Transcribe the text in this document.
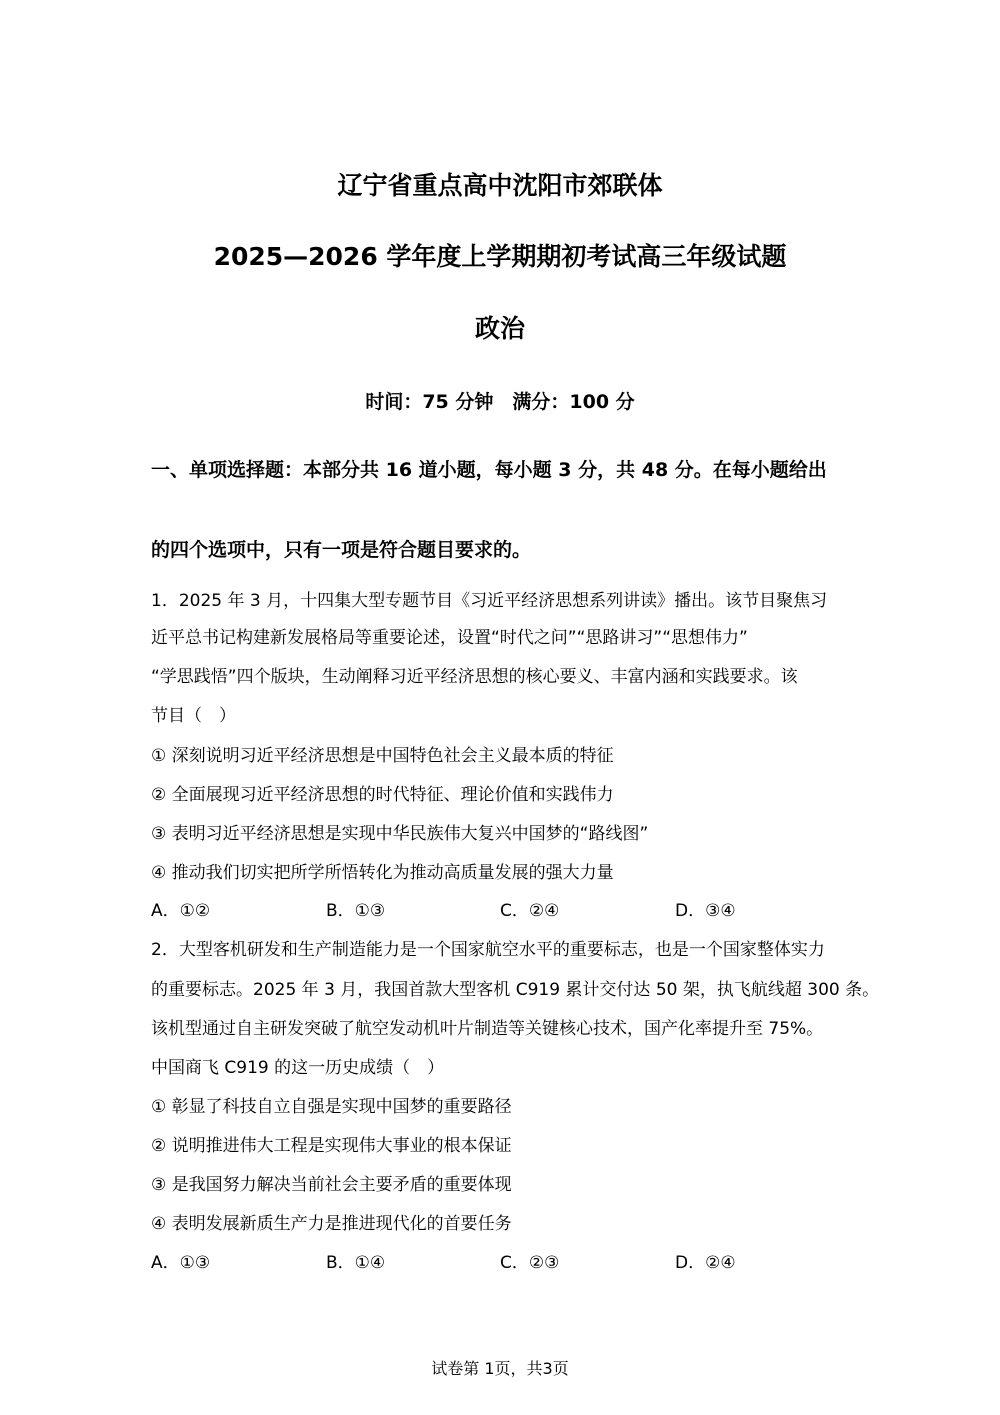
辽宁省重点高中沈阳市郊联体
2025—2026 学年度上学期期初考试高三年级试题
政治
时间：75 分钟　满分：100 分
一、单项选择题：本部分共 16 道小题，每小题 3 分，共 48 分。在每小题给出
的四个选项中，只有一项是符合题目要求的。
1．2025 年 3 月，十四集大型专题节目《习近平经济思想系列讲读》播出。该节目聚焦习
近平总书记构建新发展格局等重要论述，设置“时代之问”“思路讲习”“思想伟力”
“学思践悟”四个版块，生动阐释习近平经济思想的核心要义、丰富内涵和实践要求。该
节目（　）
① 深刻说明习近平经济思想是中国特色社会主义最本质的特征
② 全面展现习近平经济思想的时代特征、理论价值和实践伟力
③ 表明习近平经济思想是实现中华民族伟大复兴中国梦的“路线图”
④ 推动我们切实把所学所悟转化为推动高质量发展的强大力量
A．①②	B．①③	C．②④	D．③④
2．大型客机研发和生产制造能力是一个国家航空水平的重要标志，也是一个国家整体实力
的重要标志。2025 年 3 月，我国首款大型客机 C919 累计交付达 50 架，执飞航线超 300 条。
该机型通过自主研发突破了航空发动机叶片制造等关键核心技术，国产化率提升至 75%。
中国商飞 C919 的这一历史成绩（　）
① 彰显了科技自立自强是实现中国梦的重要路径
② 说明推进伟大工程是实现伟大事业的根本保证
③ 是我国努力解决当前社会主要矛盾的重要体现
④ 表明发展新质生产力是推进现代化的首要任务
A．①③	B．①④	C．②③	D．②④
试卷第 1页，共3页
